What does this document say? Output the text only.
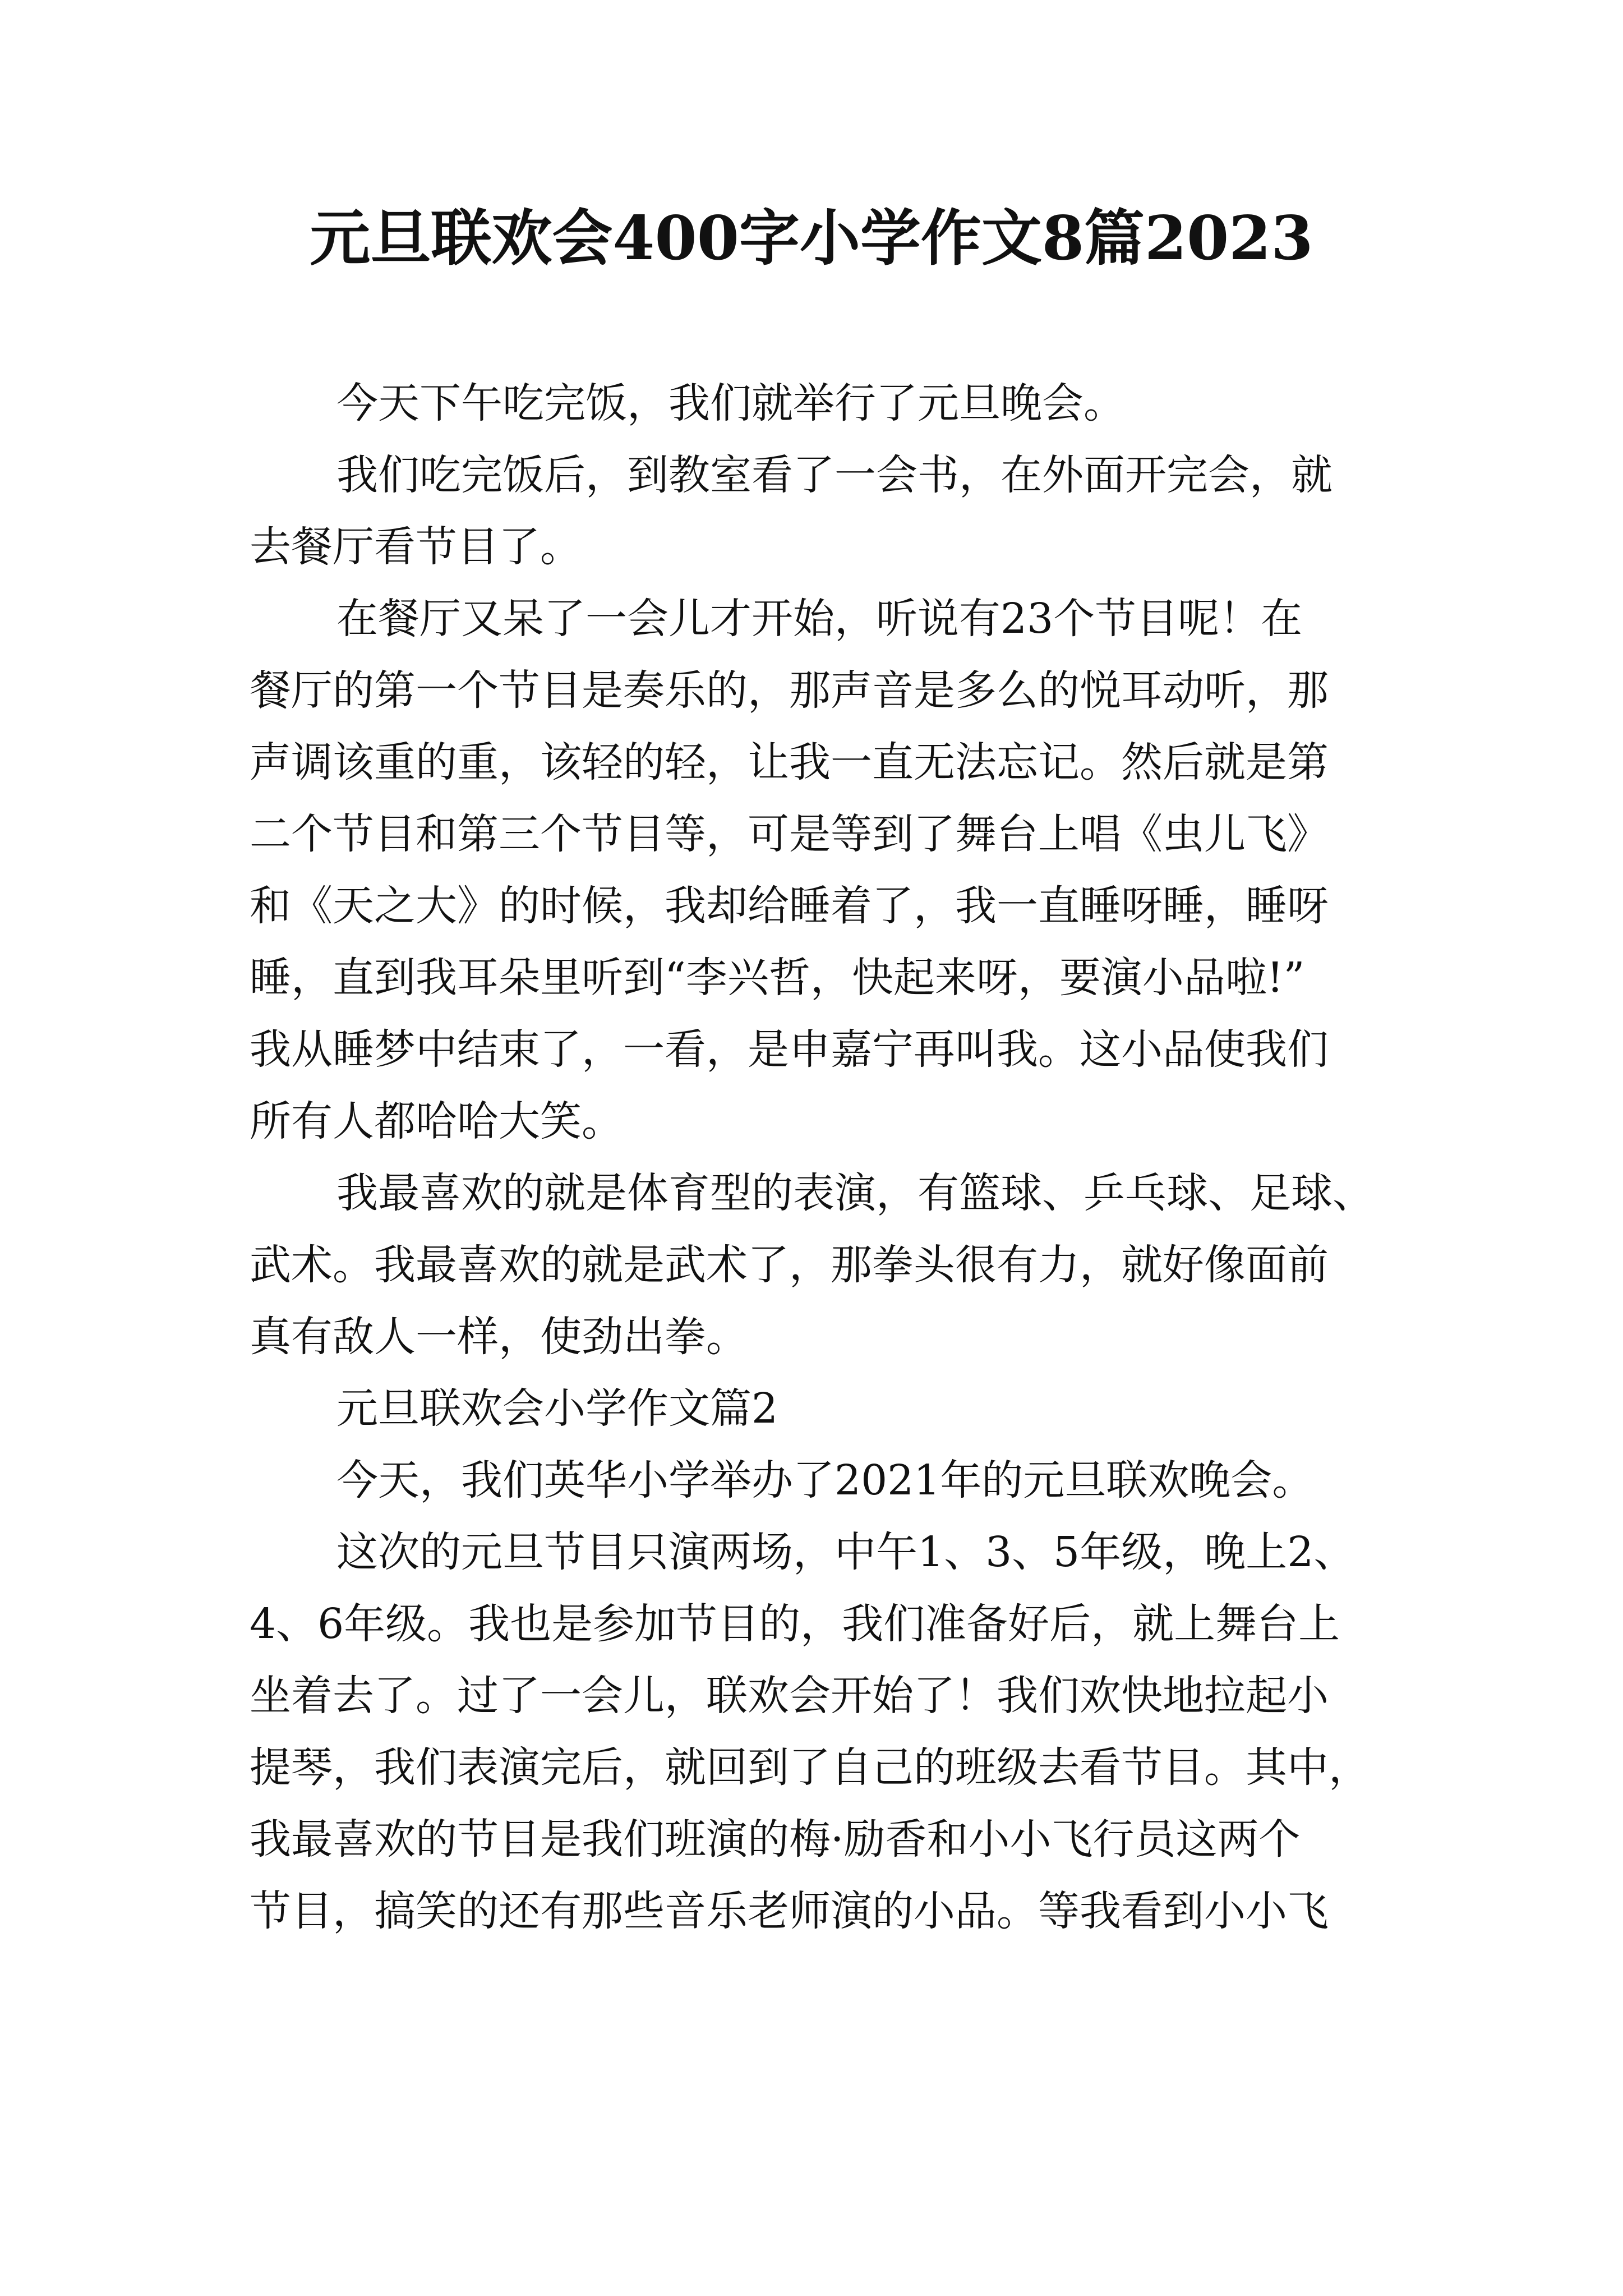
元旦联欢会400字小学作文8篇2023
今天下午吃完饭，我们就举行了元旦晚会。
我们吃完饭后，到教室看了一会书，在外面开完会，就
去餐厅看节目了。
在餐厅又呆了一会儿才开始，听说有23个节目呢！在
餐厅的第一个节目是奏乐的，那声音是多么的悦耳动听，那
声调该重的重，该轻的轻，让我一直无法忘记。然后就是第
二个节目和第三个节目等，可是等到了舞台上唱《虫儿飞》
和《天之大》的时候，我却给睡着了，我一直睡呀睡，睡呀
睡，直到我耳朵里听到“李兴哲，快起来呀，要演小品啦!”
我从睡梦中结束了，一看，是申嘉宁再叫我。这小品使我们
所有人都哈哈大笑。
我最喜欢的就是体育型的表演，有篮球、乒乓球、足球、
武术。我最喜欢的就是武术了，那拳头很有力，就好像面前
真有敌人一样，使劲出拳。
元旦联欢会小学作文篇2
今天，我们英华小学举办了2021年的元旦联欢晚会。
这次的元旦节目只演两场，中午1、3、5年级，晚上2、
4、6年级。我也是参加节目的，我们准备好后，就上舞台上
坐着去了。过了一会儿，联欢会开始了！我们欢快地拉起小
提琴，我们表演完后，就回到了自己的班级去看节目。其中，
我最喜欢的节目是我们班演的梅·励香和小小飞行员这两个
节目，搞笑的还有那些音乐老师演的小品。等我看到小小飞
